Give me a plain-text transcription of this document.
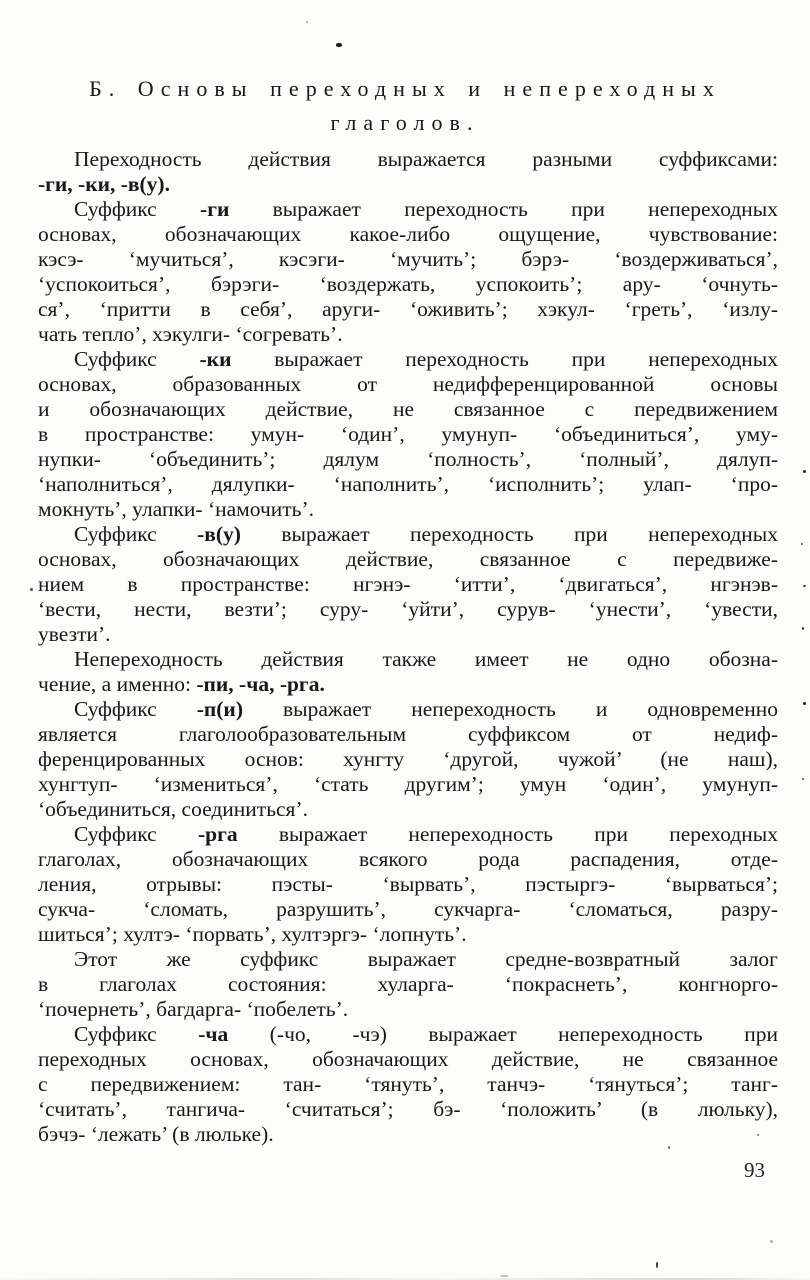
Б. Основы переходных и непереходных
глаголов.
Переходность действия выражается разными суффиксами:
-ги, -ки, -в(у).
Суффикс -ги выражает переходность при непереходных
основах, обозначающих какое-либо ощущение, чувствование:
кэсэ- ‘мучиться’, кэсэги- ‘мучить’; бэрэ- ‘воздерживаться’,
‘успокоиться’, бэрэги- ‘воздержать, успокоить’; ару- ‘очнуть-
ся’, ‘притти в себя’, аруги- ‘оживить’; хэкул- ‘греть’, ‘излу-
чать тепло’, хэкулги- ‘согревать’.
Суффикс -ки выражает переходность при непереходных
основах, образованных от недифференцированной основы
и обозначающих действие, не связанное с передвижением
в пространстве: умун- ‘один’, умунуп- ‘объединиться’, уму-
нупки- ‘объединить’; дялум ‘полность’, ‘полный’, дялуп-
‘наполниться’, дялупки- ‘наполнить’, ‘исполнить’; улап- ‘про-
мокнуть’, улапки- ‘намочить’.
Суффикс -в(у) выражает переходность при непереходных
основах, обозначающих действие, связанное с передвиже-
нием в пространстве: нгэнэ- ‘итти’, ‘двигаться’, нгэнэв-
‘вести, нести, везти’; суру- ‘уйти’, сурув- ‘унести’, ‘увести,
увезти’.
Непереходность действия также имеет не одно обозна-
чение, а именно: -пи, -ча, -рга.
Суффикс -п(и) выражает непереходность и одновременно
является глаголообразовательным суффиксом от недиф-
ференцированных основ: хунгту ‘другой, чужой’ (не наш),
хунгтуп- ‘измениться’, ‘стать другим’; умун ‘один’, умунуп-
‘объединиться, соединиться’.
Суффикс -рга выражает непереходность при переходных
глаголах, обозначающих всякого рода распадения, отде-
ления, отрывы: пэсты- ‘вырвать’, пэстыргэ- ‘вырваться’;
сукча- ‘сломать, разрушить’, сукчарга- ‘сломаться, разру-
шиться’; хултэ- ‘порвать’, хултэргэ- ‘лопнуть’.
Этот же суффикс выражает средне-возвратный залог
в глаголах состояния: хуларга- ‘покраснеть’, конгнорго-
‘почернеть’, багдарга- ‘побелеть’.
Суффикс -ча (-чо, -чэ) выражает непереходность при
переходных основах, обозначающих действие, не связанное
с передвижением: тан- ‘тянуть’, танчэ- ‘тянуться’; танг-
‘считать’, тангича- ‘считаться’; бэ- ‘положить’ (в люльку),
бэчэ- ‘лежать’ (в люльке).
93
